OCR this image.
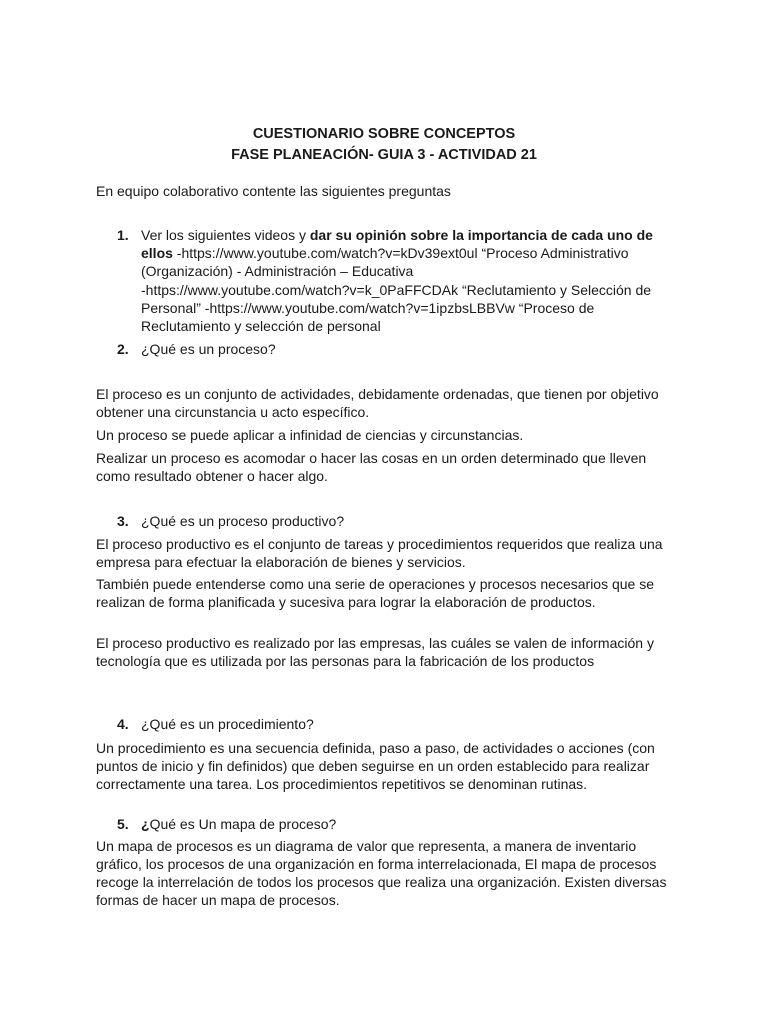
CUESTIONARIO SOBRE CONCEPTOS
FASE PLANEACIÓN- GUIA 3 - ACTIVIDAD 21

En equipo colaborativo contente las siguientes preguntas

1. Ver los siguientes videos y dar su opinión sobre la importancia de cada uno de ellos -https://www.youtube.com/watch?v=kDv39ext0ul “Proceso Administrativo (Organización) - Administración – Educativa
-https://www.youtube.com/watch?v=k_0PaFFCDAk “Reclutamiento y Selección de Personal” -https://www.youtube.com/watch?v=1ipzbsLBBVw “Proceso de Reclutamiento y selección de personal
2. ¿Qué es un proceso?

El proceso es un conjunto de actividades, debidamente ordenadas, que tienen por objetivo obtener una circunstancia u acto específico.

Un proceso se puede aplicar a infinidad de ciencias y circunstancias.

Realizar un proceso es acomodar o hacer las cosas en un orden determinado que lleven como resultado obtener o hacer algo.

3. ¿Qué es un proceso productivo?

El proceso productivo es el conjunto de tareas y procedimientos requeridos que realiza una empresa para efectuar la elaboración de bienes y servicios.

También puede entenderse como una serie de operaciones y procesos necesarios que se realizan de forma planificada y sucesiva para lograr la elaboración de productos.

El proceso productivo es realizado por las empresas, las cuáles se valen de información y tecnología que es utilizada por las personas para la fabricación de los productos

4. ¿Qué es un procedimiento?

Un procedimiento es una secuencia definida, paso a paso, de actividades o acciones (con puntos de inicio y fin definidos) que deben seguirse en un orden establecido para realizar correctamente una tarea. Los procedimientos repetitivos se denominan rutinas.

5. ¿Qué es Un mapa de proceso?

Un mapa de procesos es un diagrama de valor que representa, a manera de inventario gráfico, los procesos de una organización en forma interrelacionada, El mapa de procesos recoge la interrelación de todos los procesos que realiza una organización. Existen diversas formas de hacer un mapa de procesos.
